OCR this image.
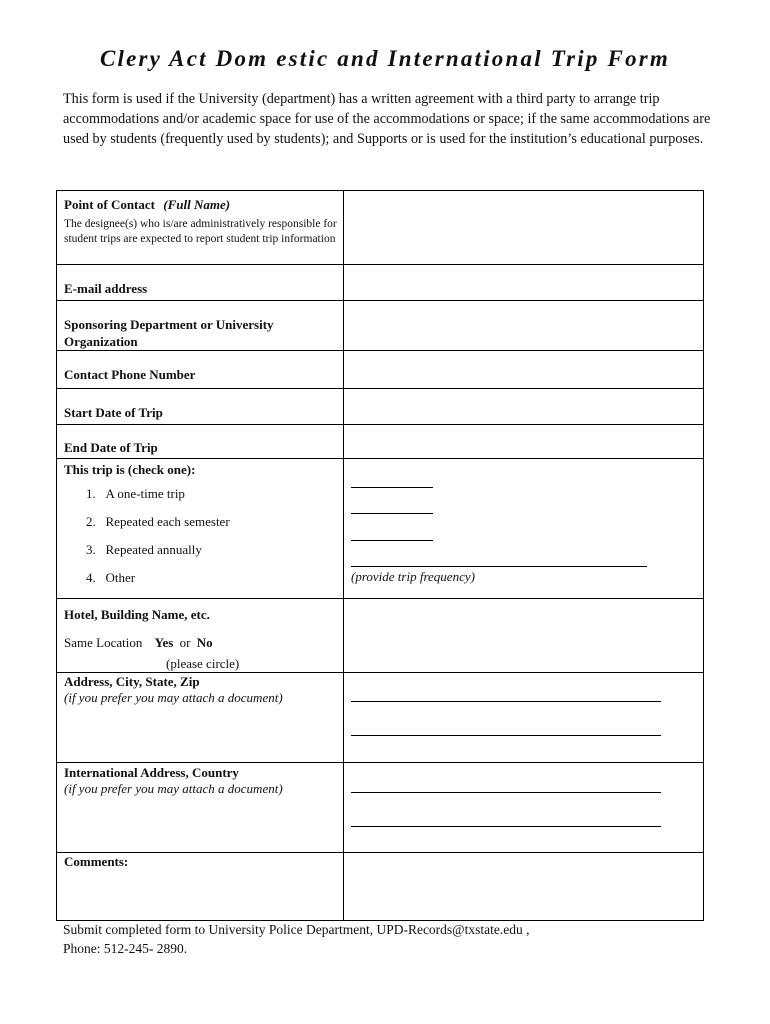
Clery Act Dom estic and International Trip Form
This form is used if the University (department) has a written agreement with a third party to arrange trip accommodations and/or academic space for use of the accommodations or space; if the same accommodations are used by students (frequently used by students); and Supports or is used for the institution’s educational purposes.
Point of Contact (Full Name)
The designee(s) who is/are administratively responsible for student trips are expected to report student trip information	

E-mail address	
Sponsoring Department or University Organization	
Contact Phone Number	
Start Date of Trip	
End Date of Trip	

This trip is (check one):
1.   A one-time trip
2.   Repeated each semester
3.   Repeated annually
4.   Other	(provide trip frequency)

Hotel, Building Name, etc.
Same Location Yes or No
(please circle)	

Address, City, State, Zip
(if you prefer you may attach a document)	

International Address, Country
(if you prefer you may attach a document)	

Comments:	

Submit completed form to University Police Department, UPD-Records@txstate.edu ,
Phone: 512-245- 2890.
